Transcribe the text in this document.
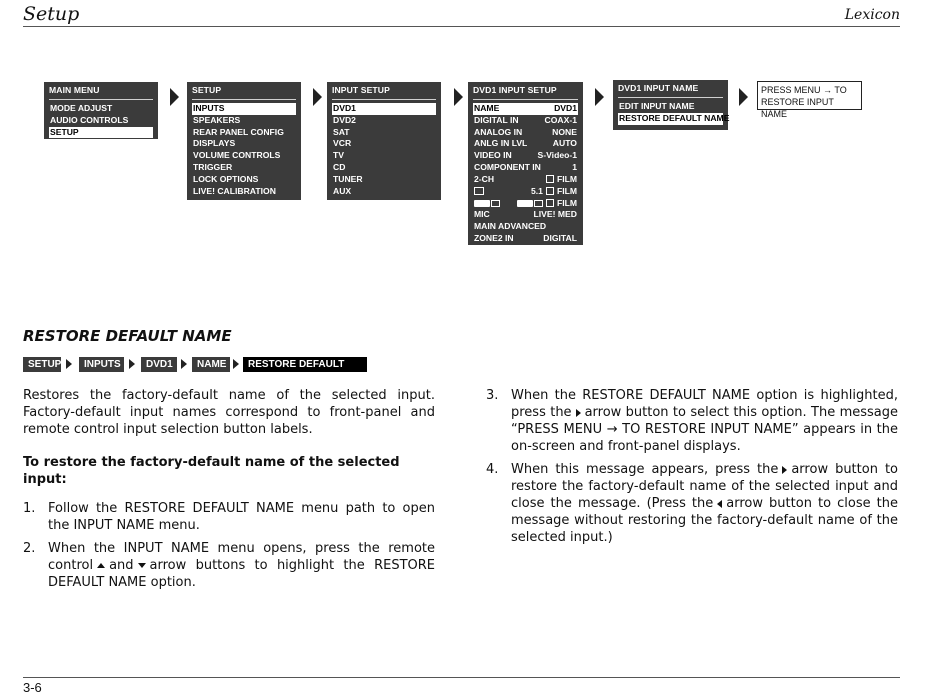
Setup	Lexicon
MAIN MENU
MODE ADJUST
AUDIO CONTROLS
SETUP
SETUP
INPUTS
SPEAKERS
REAR PANEL CONFIG
DISPLAYS
VOLUME CONTROLS
TRIGGER
LOCK OPTIONS
LIVE! CALIBRATION
INPUT SETUP
DVD1
DVD2
SAT
VCR
TV
CD
TUNER
AUX
DVD1 INPUT SETUP
NAME	DVD1
DIGITAL IN	COAX-1
ANALOG IN	NONE
ANLG IN LVL	AUTO
VIDEO IN	S-Video-1
COMPONENT IN	1
2-CH	FILM
5.1 FILM
FILM
MIC	LIVE! MED
MAIN ADVANCED
ZONE2 IN	DIGITAL
DVD1 INPUT NAME
EDIT INPUT NAME
RESTORE DEFAULT NAME
PRESS MENU → TO
RESTORE INPUT NAME
RESTORE DEFAULT NAME
SETUP	INPUTS	DVD1	NAME	RESTORE DEFAULT NAME

Restores the factory-default name of the selected input. Factory-default input names correspond to front-panel and remote control input selection button labels.

To restore the factory-default name of the selected input:

1. Follow the RESTORE DEFAULT NAME menu path to open the INPUT NAME menu.
2. When the INPUT NAME menu opens, press the remote control and arrow buttons to highlight the RESTORE DEFAULT NAME option.
3. When the RESTORE DEFAULT NAME option is highlighted, press the arrow button to select this option. The message “PRESS MENU → TO RESTORE INPUT NAME” appears in the on-screen and front-panel displays.
4. When this message appears, press the arrow button to restore the factory-default name of the selected input and close the message. (Press the arrow button to close the message without restoring the factory-default name of the selected input.)
3-6
